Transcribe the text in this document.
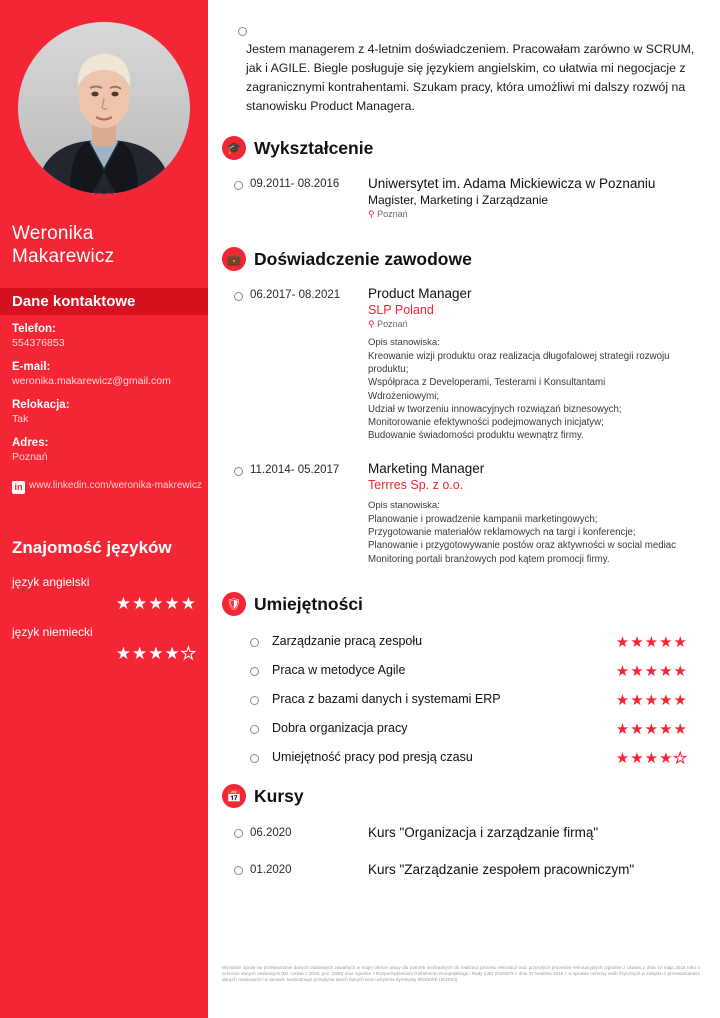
Weronika
Makarewicz
Dane kontaktowe
Telefon:
554376853
E-mail:
weronika.makarewicz@gmail.com
Relokacja:
Tak
Adres:
Poznań
in www.linkedin.com/weronika-makrewicz
Znajomość języków
język angielski
★★★★★
język niemiecki
★★★★★
Jestem managerem z 4-letnim doświadczeniem. Pracowałam zarówno w SCRUM, jak i AGILE. Biegle posługuje się językiem angielskim, co ułatwia mi negocjacje z zagranicznymi kontrahentami. Szukam pracy, która umożliwi mi dalszy rozwój na stanowisku Product Managera.
🎓 Wykształcenie
09.2011- 08.2016 Uniwersytet im. Adama Mickiewicza w Poznaniu
Magister, Marketing i Zarządzanie
⚲ Poznań
💼 Doświadczenie zawodowe
06.2017- 08.2021 Product Manager
SLP Poland
⚲ Poznań
Opis stanowiska:
Kreowanie wizji produktu oraz realizacja długofalowej strategii rozwoju
produktu;
Współpraca z Developerami, Testerami i Konsultantami
Wdrożeniowymi;
Udział w tworzeniu innowacyjnych rozwiązań biznesowych;
Monitorowanie efektywności podejmowanych inicjatyw;
Budowanie świadomości produktu wewnątrz firmy.
11.2014- 05.2017 Marketing Manager
Terrres Sp. z o.o.
Opis stanowiska:
Planowanie i prowadzenie kampanii marketingowych;
Przygotowanie materiałów reklamowych na targi i konferencje;
Planowanie i przygotowywanie postów oraz aktywności w social mediac
Monitoring portali branżowych pod kątem promocji firmy.
🛡 Umiejętności
Zarządzanie pracą zespołu	★★★★★
Praca w metodyce Agile	★★★★★
Praca z bazami danych i systemami ERP	★★★★★
Dobra organizacja pracy	★★★★★
Umiejętność pracy pod presją czasu	★★★★★
📅 Kursy
06.2020	Kurs "Organizacja i zarządzanie firmą"
01.2020	Kurs "Zarządzanie zespołem pracowniczym"
Wyrażam zgodę na przetwarzanie danych osobowych zawartych w mojej ofercie pracy dla potrzeb niezbędnych do realizacji procesu rekrutacji oraz przyszłych procesów rekrutacyjnych (zgodnie z ustawą z dnia 10 maja 2018 roku o ochronie danych osobowych (Dz. Ustaw z 2018, poz. 1000) oraz zgodnie z Rozporządzeniem Parlamentu Europejskiego i Rady (UE) 2016/679 z dnia 27 kwietnia 2016 r. w sprawie ochrony osób fizycznych w związku z przetwarzaniem danych osobowych i w sprawie swobodnego przepływu takich danych oraz uchylenia dyrektywy 95/46/WE (RODO)).
